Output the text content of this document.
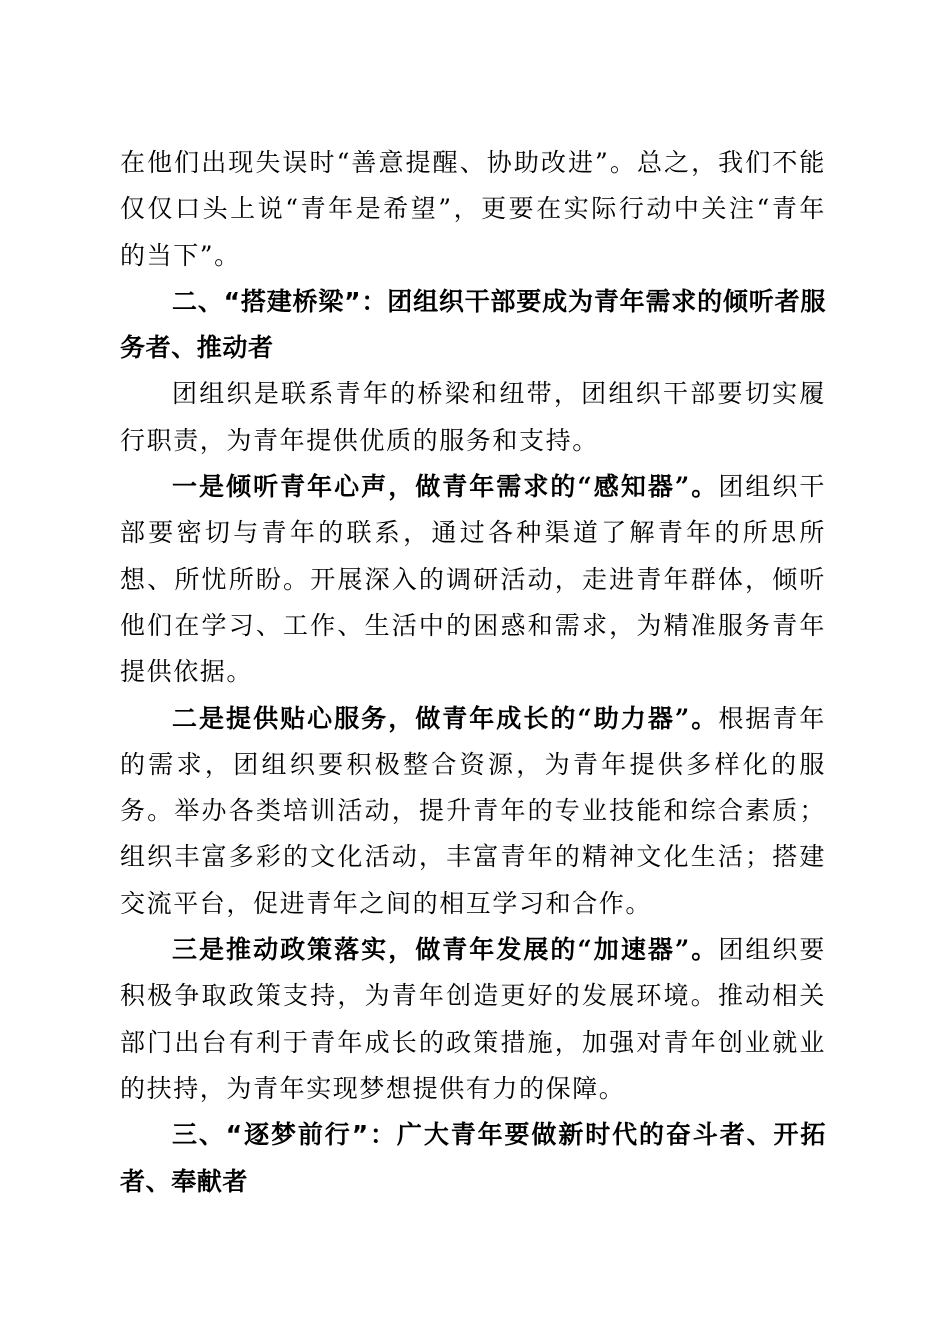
在他们出现失误时“善意提醒、协助改进”。总之，我们不能仅仅口头上说“青年是希望”，更要在实际行动中关注“青年的当下”。

二、“搭建桥梁”：团组织干部要成为青年需求的倾听者服务者、推动者

团组织是联系青年的桥梁和纽带，团组织干部要切实履行职责，为青年提供优质的服务和支持。

一是倾听青年心声，做青年需求的“感知器”。团组织干部要密切与青年的联系，通过各种渠道了解青年的所思所想、所忧所盼。开展深入的调研活动，走进青年群体，倾听他们在学习、工作、生活中的困惑和需求，为精准服务青年提供依据。

二是提供贴心服务，做青年成长的“助力器”。根据青年的需求，团组织要积极整合资源，为青年提供多样化的服务。举办各类培训活动，提升青年的专业技能和综合素质；组织丰富多彩的文化活动，丰富青年的精神文化生活；搭建交流平台，促进青年之间的相互学习和合作。

三是推动政策落实，做青年发展的“加速器”。团组织要积极争取政策支持，为青年创造更好的发展环境。推动相关部门出台有利于青年成长的政策措施，加强对青年创业就业的扶持，为青年实现梦想提供有力的保障。

三、“逐梦前行”：广大青年要做新时代的奋斗者、开拓者、奉献者
